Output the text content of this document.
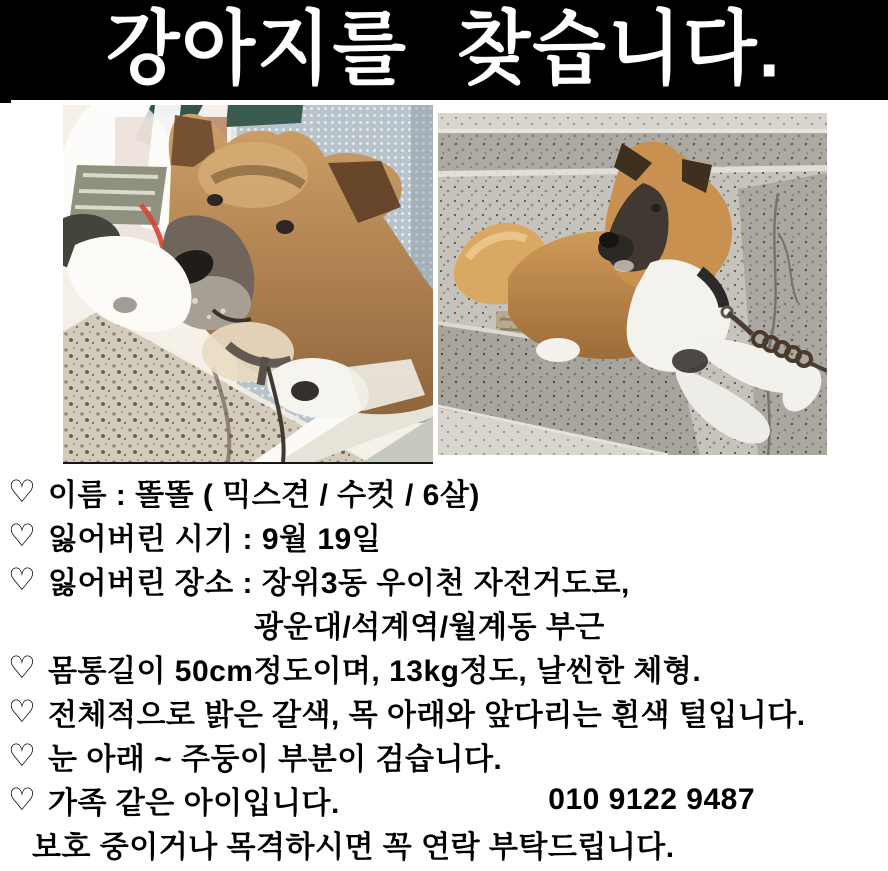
강아지를 찾습니다.
♡ 이름 : 똘똘 ( 믹스견 / 수컷 / 6살)
♡ 잃어버린 시기 : 9월 19일
♡ 잃어버린 장소 : 장위3동 우이천 자전거도로,
광운대/석계역/월계동 부근
♡ 몸통길이 50cm정도이며, 13kg정도, 날씬한 체형.
♡ 전체적으로 밝은 갈색, 목 아래와 앞다리는 흰색 털입니다.
♡ 눈 아래 ~ 주둥이 부분이 검습니다.
♡ 가족 같은 아이입니다.	010 9122 9487
보호 중이거나 목격하시면 꼭 연락 부탁드립니다.
